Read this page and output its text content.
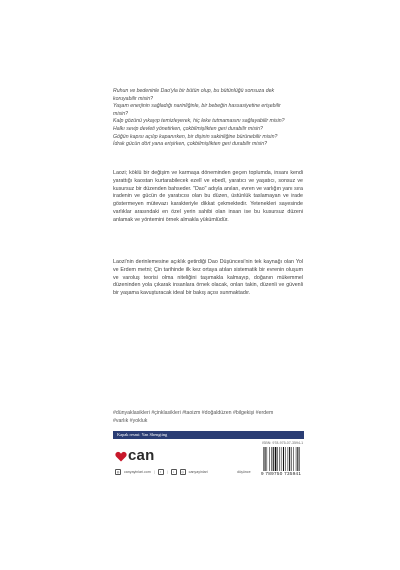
Ruhun ve bedeninle Dao'yla bir bütün olup, bu bütünlüğü sonsuza dek

koruyabilir misin?

Yaşam enerjinin sağladığı narinliğinle, bir bebeğin hassasiyetine erişebilir

misin?

Kalp gözünü yıkayıp temizleyerek, hiç leke tutmamasını sağlayabilir misin?

Halkı sevip devleti yönetirken, çokbilmişlikten geri durabilir misin?

Göğün kapısı açılıp kapanırken, bir dişinin sakinliğine bürünebilir misin?

İdrak gücün dört yana erişirken, çokbilmişlikten geri durabilir misin?

Laozi; köklü bir değişim ve karmaşa döneminden geçen toplumda, insanı kendi yarattığı kaostan kurtarabilecek ezelî ve ebedî, yaratıcı ve yaşatıcı, sonsuz ve kusursuz bir düzenden bahseder. "Dao" adıyla anılan, evren ve varlığın yanı sıra iradenin ve gücün de yaratıcısı olan bu düzen, üstünlük taslamayan ve irade göstermeyen mütevazı karakteriyle dikkat çekmektedir. Yetenekleri sayesinde varlıklar arasındaki en özel yerin sahibi olan insan ise bu kusursuz düzeni anlamak ve yöntemini örnek almakla yükümlüdür.

Laozi'nin derinlemesine açıklık getirdiği Dao Düşüncesi'nin tek kaynağı olan Yol ve Erdem metni; Çin tarihinde ilk kez ortaya atılan sistematik bir evrenin oluşum ve varoluş teorisi olma niteliğini taşımakla kalmayıp, doğanın mükemmel düzeninden yola çıkarak insanlara örnek olacak, onları takin, düzenli ve güvenli bir yaşama kavuşturacak ideal bir bakış açısı sunmaktadır.

#dünyaklasikleri #çinklasikleri #taoizm #doğaldüzen #bilgekişi #erdem

#varlık #yokluk

Kapak resmi: Yan Shengting
ISBN: 978-975-07-3594-1
can
◍	canyayinlari.com |	f	|	t	◎	canyayinlari	düşünce 9 789750 735941
